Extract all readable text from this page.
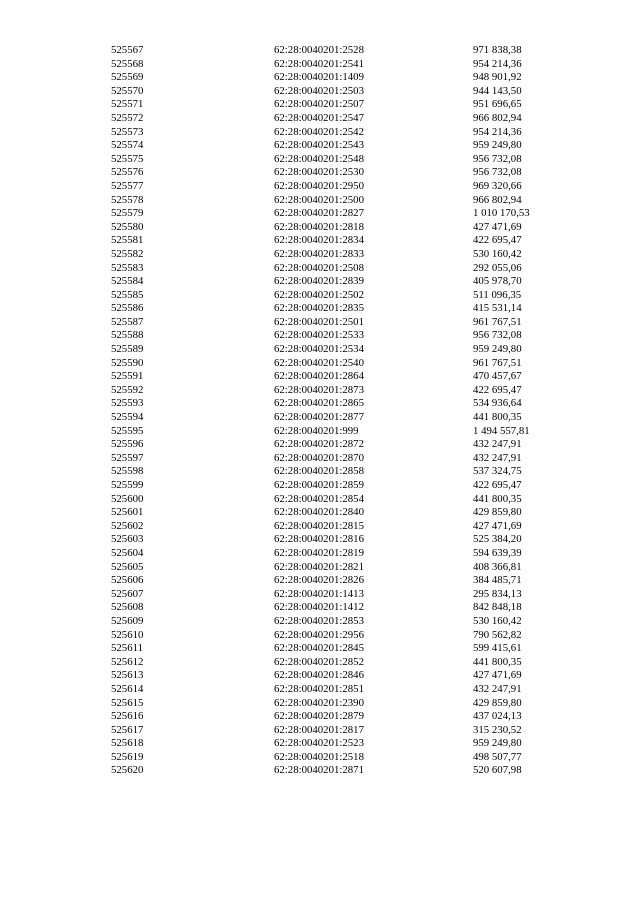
525567	62:28:0040201:2528	971 838,38
525568	62:28:0040201:2541	954 214,36
525569	62:28:0040201:1409	948 901,92
525570	62:28:0040201:2503	944 143,50
525571	62:28:0040201:2507	951 696,65
525572	62:28:0040201:2547	966 802,94
525573	62:28:0040201:2542	954 214,36
525574	62:28:0040201:2543	959 249,80
525575	62:28:0040201:2548	956 732,08
525576	62:28:0040201:2530	956 732,08
525577	62:28:0040201:2950	969 320,66
525578	62:28:0040201:2500	966 802,94
525579	62:28:0040201:2827	1 010 170,53
525580	62:28:0040201:2818	427 471,69
525581	62:28:0040201:2834	422 695,47
525582	62:28:0040201:2833	530 160,42
525583	62:28:0040201:2508	292 055,06
525584	62:28:0040201:2839	405 978,70
525585	62:28:0040201:2502	511 096,35
525586	62:28:0040201:2835	415 531,14
525587	62:28:0040201:2501	961 767,51
525588	62:28:0040201:2533	956 732,08
525589	62:28:0040201:2534	959 249,80
525590	62:28:0040201:2540	961 767,51
525591	62:28:0040201:2864	470 457,67
525592	62:28:0040201:2873	422 695,47
525593	62:28:0040201:2865	534 936,64
525594	62:28:0040201:2877	441 800,35
525595	62:28:0040201:999	1 494 557,81
525596	62:28:0040201:2872	432 247,91
525597	62:28:0040201:2870	432 247,91
525598	62:28:0040201:2858	537 324,75
525599	62:28:0040201:2859	422 695,47
525600	62:28:0040201:2854	441 800,35
525601	62:28:0040201:2840	429 859,80
525602	62:28:0040201:2815	427 471,69
525603	62:28:0040201:2816	525 384,20
525604	62:28:0040201:2819	594 639,39
525605	62:28:0040201:2821	408 366,81
525606	62:28:0040201:2826	384 485,71
525607	62:28:0040201:1413	295 834,13
525608	62:28:0040201:1412	842 848,18
525609	62:28:0040201:2853	530 160,42
525610	62:28:0040201:2956	790 562,82
525611	62:28:0040201:2845	599 415,61
525612	62:28:0040201:2852	441 800,35
525613	62:28:0040201:2846	427 471,69
525614	62:28:0040201:2851	432 247,91
525615	62:28:0040201:2390	429 859,80
525616	62:28:0040201:2879	437 024,13
525617	62:28:0040201:2817	315 230,52
525618	62:28:0040201:2523	959 249,80
525619	62:28:0040201:2518	498 507,77
525620	62:28:0040201:2871	520 607,98
